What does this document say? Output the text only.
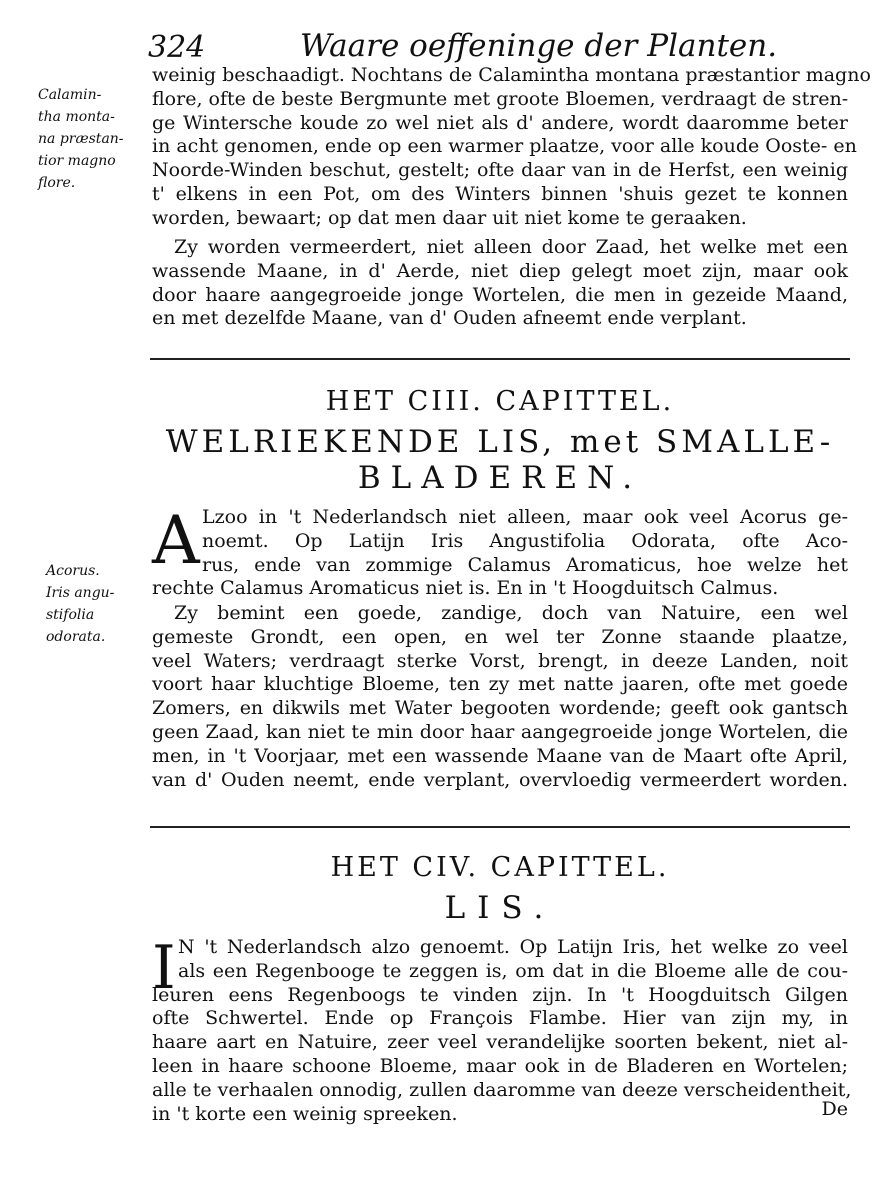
324	Waare oeffeninge der Planten.
Calamin-
tha monta-
na præstan-
tior magno
flore.
weinig beschaadigt. Nochtans de Calamintha montana præstantior magno
flore, ofte de beste Bergmunte met groote Bloemen, verdraagt de stren-
ge Wintersche koude zo wel niet als d' andere, wordt daaromme beter
in acht genomen, ende op een warmer plaatze, voor alle koude Ooste- en
Noorde-Winden beschut, gestelt; ofte daar van in de Herfst, een weinig
t' elkens in een Pot, om des Winters binnen 'shuis gezet te konnen
worden, bewaart; op dat men daar uit niet kome te geraaken.
Zy worden vermeerdert, niet alleen door Zaad, het welke met een
wassende Maane, in d' Aerde, niet diep gelegt moet zijn, maar ook
door haare aangegroeide jonge Wortelen, die men in gezeide Maand,
en met dezelfde Maane, van d' Ouden afneemt ende verplant.
HET CIII. CAPITTEL.
WELRIEKENDE LIS, met SMALLE-
BLADEREN.
Acorus.
Iris angu-
stifolia
odorata.
A Lzoo in 't Nederlandsch niet alleen, maar ook veel Acorus ge-
noemt. Op Latijn Iris Angustifolia Odorata, ofte Aco-
rus, ende van zommige Calamus Aromaticus, hoe welze het
rechte Calamus Aromaticus niet is. En in 't Hoogduitsch Calmus.
Zy bemint een goede, zandige, doch van Natuire, een wel
gemeste Grondt, een open, en wel ter Zonne staande plaatze,
veel Waters; verdraagt sterke Vorst, brengt, in deeze Landen, noit
voort haar kluchtige Bloeme, ten zy met natte jaaren, ofte met goede
Zomers, en dikwils met Water begooten wordende; geeft ook gantsch
geen Zaad, kan niet te min door haar aangegroeide jonge Wortelen, die
men, in 't Voorjaar, met een wassende Maane van de Maart ofte April,
van d' Ouden neemt, ende verplant, overvloedig vermeerdert worden.
HET CIV. CAPITTEL.
LIS.
I N 't Nederlandsch alzo genoemt. Op Latijn Iris, het welke zo veel
als een Regenbooge te zeggen is, om dat in die Bloeme alle de cou-
leuren eens Regenboogs te vinden zijn. In 't Hoogduitsch Gilgen
ofte Schwertel. Ende op François Flambe. Hier van zijn my, in
haare aart en Natuire, zeer veel verandelijke soorten bekent, niet al-
leen in haare schoone Bloeme, maar ook in de Bladeren en Wortelen;
alle te verhaalen onnodig, zullen daaromme van deeze verscheidentheit,
in 't korte een weinig spreeken.	De
